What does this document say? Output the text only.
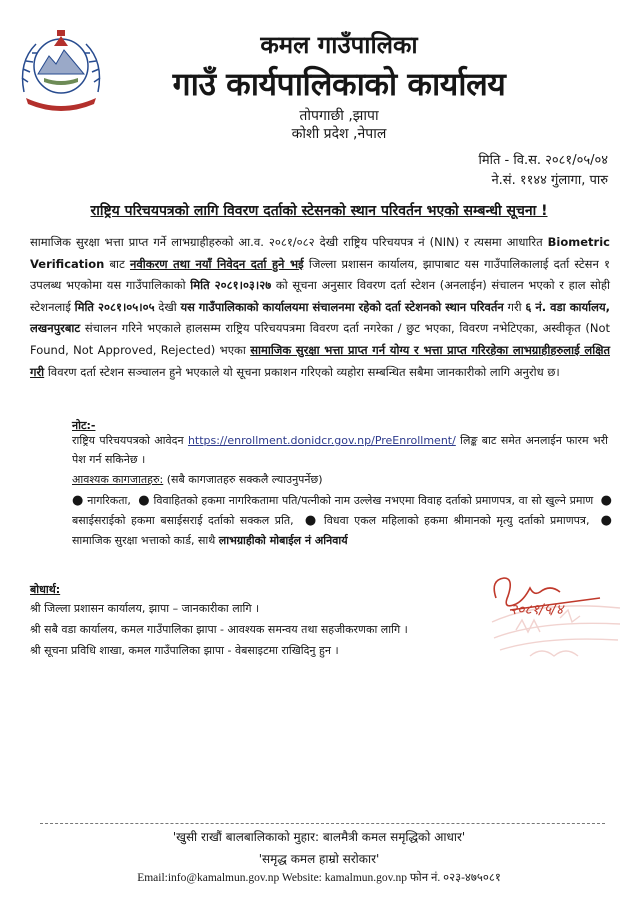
कमल गाउँपालिका
गाउँ कार्यपालिकाको कार्यालय
तोपगाछी ,झापा
कोशी प्रदेश ,नेपाल
मिति - वि.स. २०८१/०५/०४
ने.सं. ११४४ गुंलागा, पारु
राष्ट्रिय परिचयपत्रको लागि विवरण दर्ताको स्टेसनको स्थान परिवर्तन भएको सम्बन्धी सूचना !
सामाजिक सुरक्षा भत्ता प्राप्त गर्ने लाभग्राहीहरुको आ.व. २०८१/०८२ देखी राष्ट्रिय परिचयपत्र नं (NIN) र त्यसमा आधारित Biometric Verification बाट नवीकरण तथा नयाँ निवेदन दर्ता हुने भई जिल्ला प्रशासन कार्यालय, झापाबाट यस गाउँपालिकालाई दर्ता स्टेसन १ उपलब्ध भएकोमा यस गाउँपालिकाको मिति २०८१।०३।२७ को सूचना अनुसार विवरण दर्ता स्टेशन (अनलाईन) संचालन भएको र हाल सोही स्टेशनलाई मिति २०८१।०५।०५ देखी यस गाउँपालिकाको कार्यालयमा संचालनमा रहेको दर्ता स्टेशनको स्थान परिवर्तन गरी ६ नं. वडा कार्यालय, लखनपुरबाट संचालन गरिने भएकाले हालसम्म राष्ट्रिय परिचयपत्रमा विवरण दर्ता नगरेका / छुट भएका, विवरण नभेटिएका, अस्वीकृत (Not Found, Not Approved, Rejected) भएका सामाजिक सुरक्षा भत्ता प्राप्त गर्न योग्य र भत्ता प्राप्त गरिरहेका लाभग्राहीहरुलाई लक्षित गरी विवरण दर्ता स्टेशन सञ्चालन हुने भएकाले यो सूचना प्रकाशन गरिएको व्यहोरा सम्बन्धित सबैमा जानकारीको लागि अनुरोध छ।
नोट:-
राष्ट्रिय परिचयपत्रको आवेदन https://enrollment.donidcr.gov.np/PreEnrollment/ लिङ्क बाट समेत अनलाईन फारम भरी पेश गर्न सकिनेछ ।
आवश्यक कागजातहरु: (सबै कागजातहरु सक्कलै ल्याउनुपर्नेछ)
● नागरिकता, ● विवाहितको हकमा नागरिकतामा पति/पत्नीको नाम उल्लेख नभएमा विवाह दर्ताको प्रमाणपत्र, वा सो खुल्ने प्रमाण ● बसाईसराईको हकमा बसाईसराई दर्ताको सक्कल प्रति, ● विधवा एकल महिलाको हकमा श्रीमानको मृत्यु दर्ताको प्रमाणपत्र, ● सामाजिक सुरक्षा भत्ताको कार्ड, साथै लाभग्राहीको मोबाईल नं अनिवार्य
२०८१/५/४
बोधार्थ:
श्री जिल्ला प्रशासन कार्यालय, झापा – जानकारीका लागि ।
श्री सबै वडा कार्यालय, कमल गाउँपालिका झापा - आवश्यक समन्वय तथा सहजीकरणका लागि ।
श्री सूचना प्रविधि शाखा, कमल गाउँपालिका झापा - वेबसाइटमा राखिदिनु हुन ।
'खुसी राखौं बालबालिकाको मुहार: बालमैत्री कमल समृद्धिको आधार'
'समृद्ध कमल हाम्रो सरोकार'
Email:info@kamalmun.gov.np Website: kamalmun.gov.np फोन नं. ०२३-४७५०८१
